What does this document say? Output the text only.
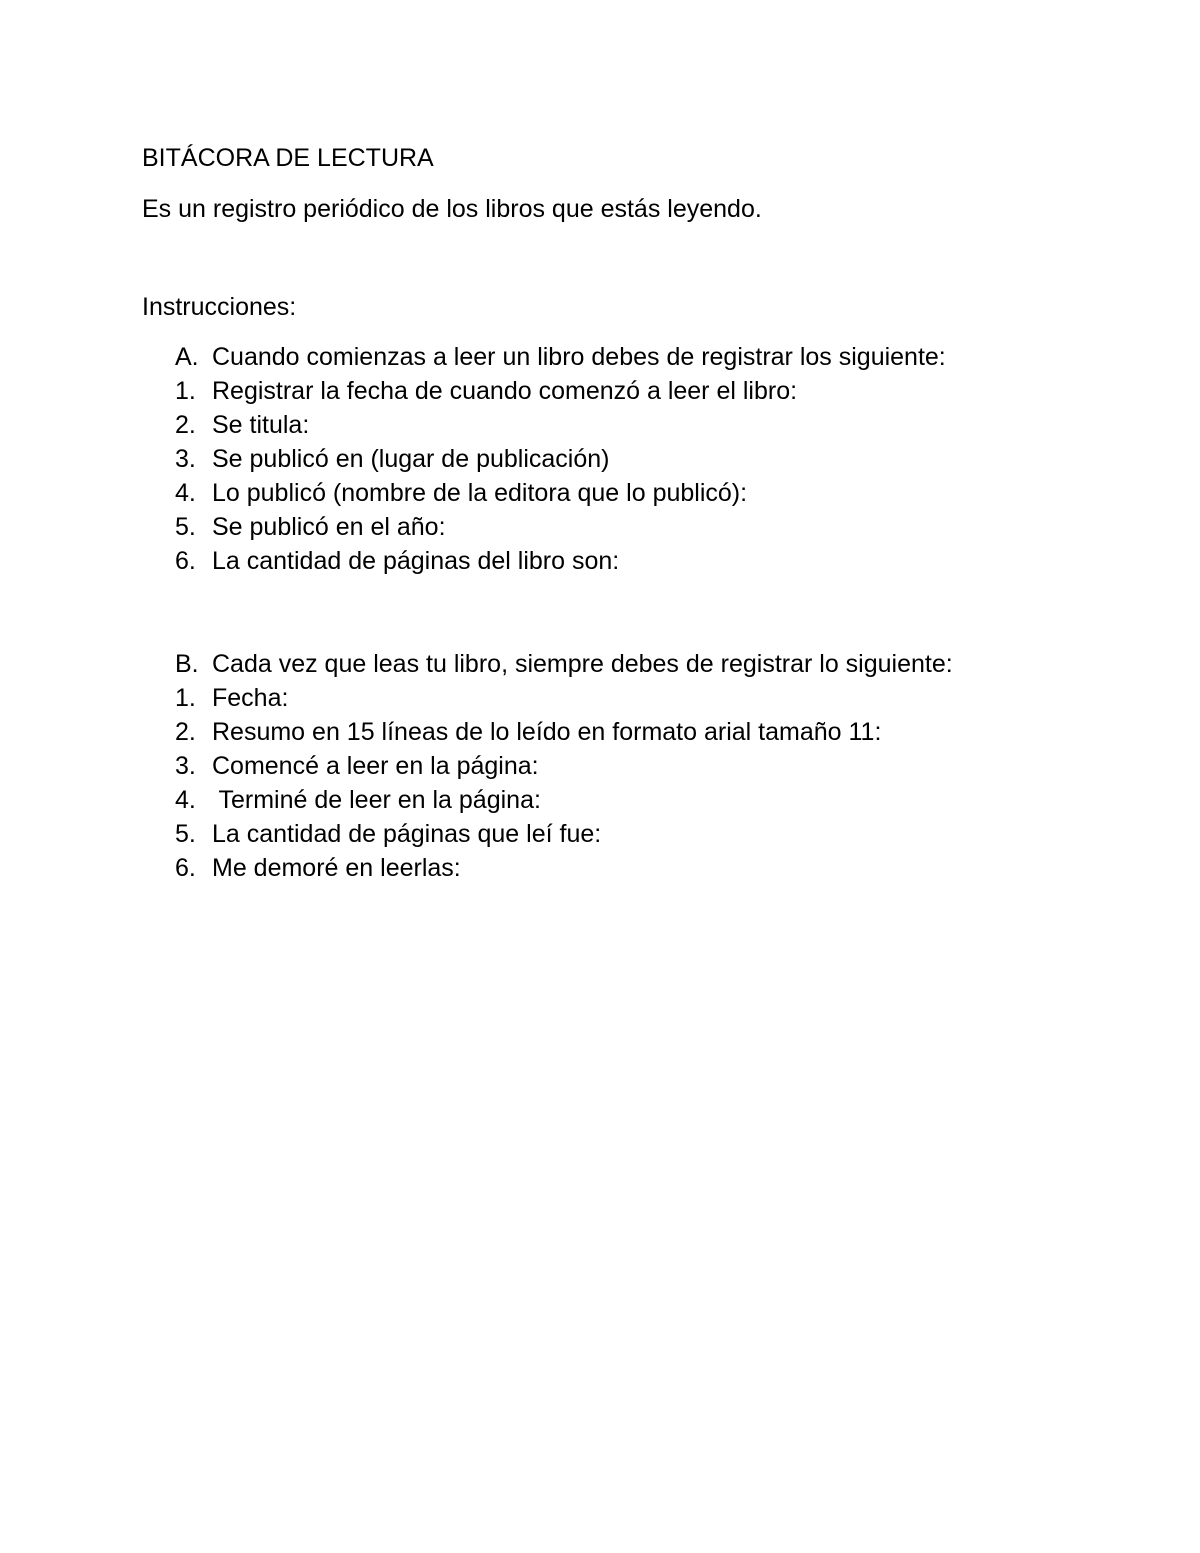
BITÁCORA DE LECTURA
Es un registro periódico de los libros que estás leyendo.
Instrucciones:
A. Cuando comienzas a leer un libro debes de registrar los siguiente:
1. Registrar la fecha de cuando comenzó a leer el libro:
2. Se titula:
3. Se publicó en (lugar de publicación)
4. Lo publicó (nombre de la editora que lo publicó):
5. Se publicó en el año:
6. La cantidad de páginas del libro son:
B. Cada vez que leas tu libro, siempre debes de registrar lo siguiente:
1. Fecha:
2. Resumo en 15 líneas de lo leído en formato arial tamaño 11:
3. Comencé a leer en la página:
4. Terminé de leer en la página:
5. La cantidad de páginas que leí fue:
6. Me demoré en leerlas:
